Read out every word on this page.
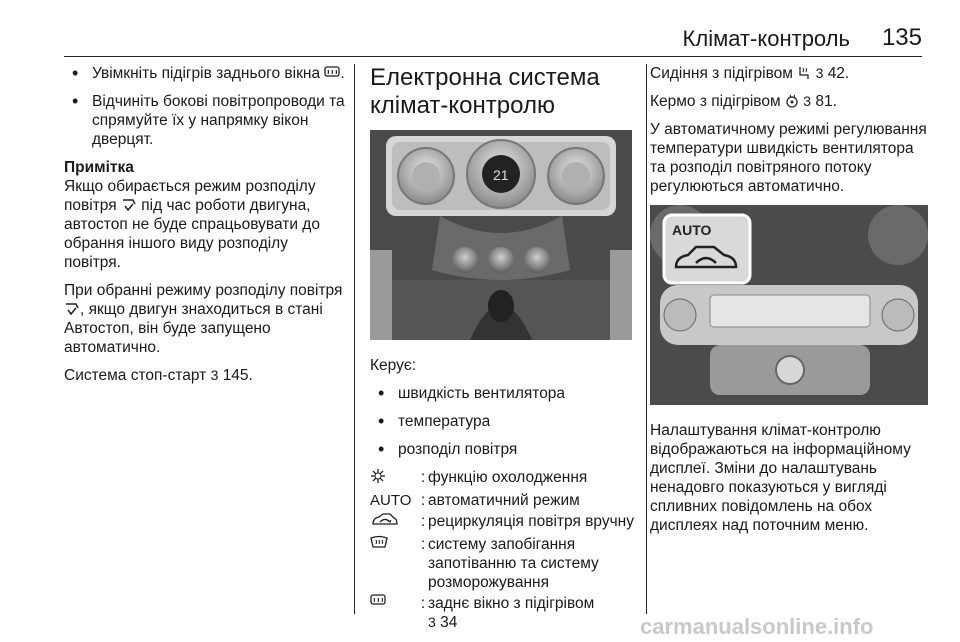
Клімат-контроль 135
• Увімкніть підігрів заднього вікна .
• Відчиніть бокові повітропроводи та спрямуйте їх у напрямку вікон дверцят.

Примітка

Якщо обирається режим розподілу повітря під час роботи двигуна, автостоп не буде спрацьовувати до обрання іншого виду розподілу повітря.

При обранні режиму розподілу повітря , якщо двигун знаходиться в стані Автостоп, він буде запущено автоматично.

Система стоп-старт 3 145.

Електронна система клімат-контролю
21

Керує:

• швидкість вентилятора
• температура
• розподіл повітря
: функцію охолодження
AUTO : автоматичний режим
: рециркуляція повітря вручну
: систему запобігання запотіванню та систему розморожування
: заднє вікно з підігрівом
3 34

Сидіння з підігрівом 3 42.

Кермо з підігрівом 3 81.

У автоматичному режимі регулювання температури швидкість вентилятора та розподіл повітряного потоку регулюються автоматично.

AUTO

Налаштування клімат-контролю відображаються на інформаційному дисплеї. Зміни до налаштувань ненадовго показуються у вигляді спливних повідомлень на обох дисплеях над поточним меню.

carmanualsonline.info
